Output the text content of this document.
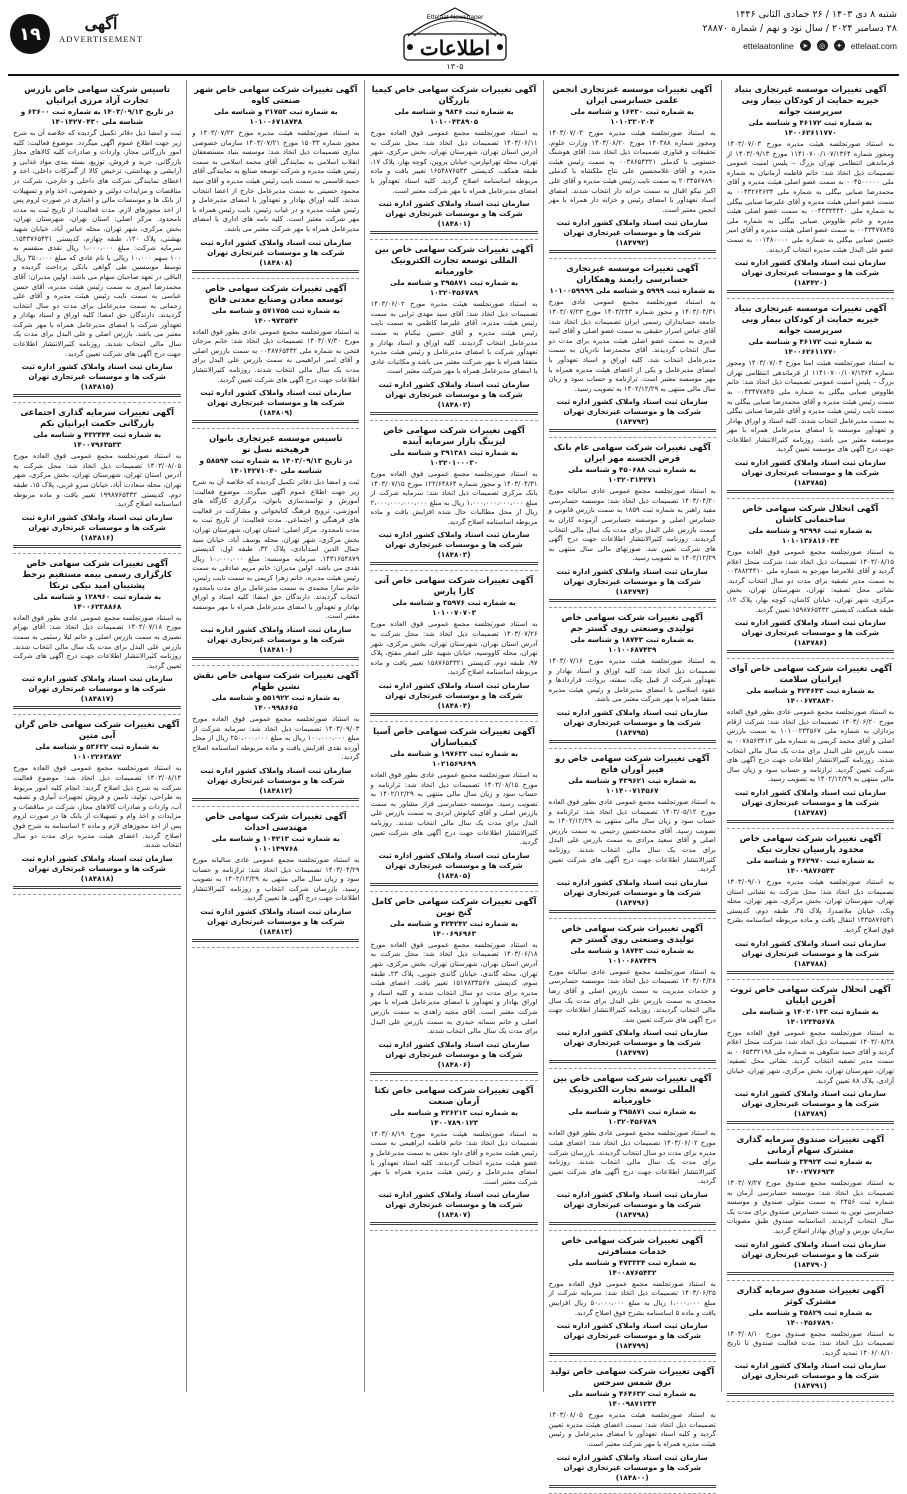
۱۹	آگهی
ADVERTISEMENT
Ettelaat Newspaper
اطلاعات
۱۳۰۵
شنبه ۸ دی ۱۴۰۳ / ۲۶ جمادی الثانی ۱۴۴۶
۲۸ دسامبر ۲۰۲۴ / سال نود و نهم / شماره ۲۸۸۷۰
ettelaatonline	➤	◎	✦	ettelaat.com
آگهی تغییرات موسسه غیرتجاری بنیاد خیریه حمایت از کودکان بیمار وبی سرپرست جوانه
به شماره ثبت ۴۶۱۷۲ و شناسه ملی ۱۴۰۰۶۲۶۱۱۷۷۰
به استناد صورتجلسه هیئت مدیره مورخ ۱۴۰۳/۰۷/۰۳ ومجوز شماره ۱۱۴۱۰۷۰۰/۱۰۷/۱۳۶۴ مورخ ۱۴۰۳/۰۹/۱۳ از فرماندهی انتظامی تهران بزرگ – پلیس امنیت عمومی تصمیمات ذیل اتخاذ شد: خانم فاطمه آرمانیان به شماره ملی ۰۰۴۵۰۰۰۰۰ به سمت عضو اصلی هیئت مدیره و آقای محمدرضا صبایی بیگلی به شماره ملی ۰۰۴۳۲۶۴۶۳۴ به سمت عضو اصلی هیئت مدیره و آقای علیرضا صبایی بیگلی به شماره ملی ۰۰۴۳۳۳۴۴۴۰ به سمت عضو اصلی هیئت مدیره و خانم طاووس صبایی بیگلی به شماره ملی ۰۰۴۳۴۷۷۸۴۵ به سمت عضو اصلی هیئت مدیره و آقای امیر حسین صبایی بیگلی به شماره ملی ۰۰۱۴۸۰۰۰۰ به سمت عضو علی البدل هیئت مدیره انتخاب گردیدند.
سازمان ثبت اسناد واملاک کشور اداره ثبت شرکت ها و موسسات غیرتجاری تهران
(۱۸۴۴۲۰)
آگهی تغییرات موسسه غیرتجاری بنیاد خیریه حمایت از کودکان بیمار وبی سرپرست جوانه
به شماره ثبت ۴۶۱۷۲ و شناسه ملی ۱۴۰۰۶۲۶۱۱۷۷۰
به استناد صورتجلسه هیئت امنا مورخ ۱۴۰۳/۰۷/۰۳ ومجوز شماره ۱۱۴۱۰۷۰۰/۱۰۷/۱۳۶۴ از فرماندهی انتظامی تهران بزرگ – پلیس امنیت عمومی تصمیمات ذیل اتخاذ شد: خانم طاووس صبایی بیگلی به شماره ملی ۰۰۴۳۴۷۷۸۴۵ به سمت رئیس هیئت مدیره و آقای محمدرضا صبایی بیگلی به سمت نایب رئیس هیئت مدیره و آقای علیرضا صبایی بیگلی به سمت مدیرعامل انتخاب شدند. کلیه اسناد و اوراق بهادار و تعهدآور موسسه با امضای مدیرعامل همراه با مهر موسسه معتبر می باشد. روزنامه کثیرالانتشار اطلاعات جهت درج آگهی های موسسه تعیین گردید.
سازمان ثبت اسناد واملاک کشور اداره ثبت شرکت ها و موسسات غیرتجاری تهران
(۱۸۴۷۸۵)
آگهی انحلال شرکت سهامی خاص ساختمانی کاشان
به شماره ثبت ۹۳۹۹۶ و شناسه ملی ۱۰۱۰۱۳۶۸۱۶۰۴۳
به استناد صورتجلسه مجمع عمومی فوق العاده مورخ ۱۴۰۳/۰۸/۱۵ تصمیمات ذیل اتخاذ شد: شرکت منحل اعلام گردید و آقای غلامرضا مهرجو به شماره ملی ۰۰۳۸۸۲۴۴۱۰ به سمت مدیر تصفیه برای مدت دو سال انتخاب گردید. نشانی محل تصفیه: تهران، شهرستان تهران، بخش مرکزی، شهر تهران، خیابان کاشان، کوچه بهار، پلاک ۱۲، طبقه همکف، کدپستی ۱۵۹۸۷۶۵۴۳۲ تعیین گردید.
سازمان ثبت اسناد واملاک کشور اداره ثبت شرکت ها و موسسات غیرتجاری تهران
(۱۸۴۷۸۶)
آگهی تغییرات شرکت سهامی خاص آوای ایرانیان سلامت
به شماره ثبت ۴۲۴۶۴۳ و شناسه ملی ۱۴۰۰۶۷۳۸۸۴۰
به استناد صورتجلسه مجمع عمومی عادی بطور فوق العاده مورخ ۱۴۰۳/۰۶/۲۰ تصمیمات ذیل اتخاذ شد: شرکت ارقام پردازان به شماره ملی ۱۰۱۰۰۲۳۴۵۶۷ به سمت بازرس اصلی و آقای محمد کریمی به شماره ملی ۰۰۷۸۵۶۳۴۱۲ به سمت بازرس علی البدل برای مدت یک سال مالی انتخاب شدند. روزنامه کثیرالانتشار اطلاعات جهت درج آگهی های شرکت تعیین گردید. ترازنامه و حساب سود و زیان سال مالی منتهی به ۱۴۰۲/۱۲/۲۹ به تصویب رسید.
سازمان ثبت اسناد واملاک کشور اداره ثبت شرکت ها و موسسات غیرتجاری تهران
(۱۸۴۷۸۷)
آگهی تغییرات شرکت سهامی خاص محدود پارسیان تجارت نیک
به شماره ثبت ۴۶۲۹۷۰ و شناسه ملی ۱۴۰۰۹۸۷۶۵۴۳
به استناد صورتجلسه هیئت مدیره مورخ ۱۴۰۳/۰۹/۰۱ تصمیمات ذیل اتخاذ شد: محل شرکت به نشانی استان تهران، شهرستان تهران، بخش مرکزی، شهر تهران، محله ونک، خیابان ملاصدرا، پلاک ۴۵، طبقه دوم، کدپستی ۱۴۳۵۸۷۶۵۴۱ انتقال یافت و ماده مربوطه اساسنامه بشرح فوق اصلاح گردید.
سازمان ثبت اسناد واملاک کشور اداره ثبت شرکت ها و موسسات غیرتجاری تهران
(۱۸۴۷۸۸)
آگهی انحلال شرکت سهامی خاص ثروت آفرین ایلیان
به شماره ثبت ۱۴۰۲۰۱۴۳ و شناسه ملی ۱۴۰۱۲۳۴۵۶۷۸
به استناد صورتجلسه مجمع عمومی فوق العاده مورخ ۱۴۰۳/۰۸/۲۸ تصمیمات ذیل اتخاذ شد: شرکت منحل اعلام گردید و آقای حمید شکوهی به شماره ملی ۰۰۶۵۴۳۲۱۹۸ به سمت مدیر تصفیه انتخاب گردید. نشانی محل تصفیه: تهران، شهرستان تهران، بخش مرکزی، شهر تهران، خیابان آزادی، پلاک ۸۸ تعیین گردید.
سازمان ثبت اسناد واملاک کشور اداره ثبت شرکت ها و موسسات غیرتجاری تهران
(۱۸۴۷۸۹)
آگهی تغییرات صندوق سرمایه گذاری مشترک سهام آرمانی
به شماره ثبت ۳۴۹۲۴ و شناسه ملی ۱۴۰۰۲۷۷۶۹۲۴
به استناد صورتجلسه مجمع صندوق مورخ ۱۴۰۳/۰۷/۲۷ تصمیمات ذیل اتخاذ شد: موسسه حسابرسی آرمان به شماره ثبت ۲۴۵۶ به سمت متولی صندوق و موسسه حسابرسی نوین به سمت حسابرس صندوق برای مدت یک سال انتخاب گردیدند. اساسنامه صندوق طبق مصوبات سازمان بورس و اوراق بهادار اصلاح گردید.
سازمان ثبت اسناد واملاک کشور اداره ثبت شرکت ها و موسسات غیرتجاری تهران
(۱۸۴۷۹۰)
آگهی تغییرات صندوق سرمایه گذاری مشترک کوثر
به شماره ثبت ۳۵۸۲۹ و شناسه ملی ۱۴۰۰۴۵۶۷۸۹۰
به استناد صورتجلسه مجمع صندوق مورخ ۱۴۰۳/۰۸/۱۰ تصمیمات ذیل اتخاذ شد: مدت فعالیت صندوق تا تاریخ ۱۴۰۶/۰۸/۱۰ تمدید گردید.
سازمان ثبت اسناد واملاک کشور اداره ثبت شرکت ها و موسسات غیرتجاری تهران
(۱۸۴۷۹۱)
آگهی تغییرات موسسه غیرتجاری انجمن علمی حسابرسی ایران
به شماره ثبت ۱۶۴۳۰ و شناسه ملی ۱۰۱۰۳۳۰۲۰۴
به استناد صورتجلسه هیئت مدیره مورخ ۱۴۰۳/۰۷/۰۳ ومجوز شماره ۱۴۰۳۸۸ مورخ ۱۴۰۳/۰۸/۲۰ وزارت علوم، تحقیقات و فناوری تصمیمات ذیل اتخاذ شد: آقای هوشنگ خستویی با کدملی ۰۰۳۸۶۵۴۳۲۱ به سمت رئیس هیئت مدیره و آقای غلامحسین علی نتاج ملکشاه با کدملی ۲۰۳۴۵۶۷۸۹۰ به سمت نایب رئیس هیئت مدیره و آقای علی اکبر نیکو اقبال به سمت خزانه دار انتخاب شدند. امضای اسناد تعهدآور با امضای رئیس و خزانه دار همراه با مهر انجمن معتبر است.
سازمان ثبت اسناد واملاک کشور اداره ثبت شرکت ها و موسسات غیرتجاری تهران
(۱۸۴۷۹۲)
آگهی تغییرات موسسه غیرتجاری حسابرسی رایمند وهمکاران
به شماره ثبت ۵۹۹۹ و شناسه ملی ۱۰۱۰۰۵۹۹۹۹
به استناد صورتجلسه مجمع عمومی عادی مورخ ۱۴۰۳/۰۴/۳۱ و مجوز شماره ۱۴۰۳/۲۴۳ مورخ ۱۴۰۳/۰۷/۲۳ جامعه حسابداران رسمی ایران تصمیمات ذیل اتخاذ شد: آقای عباس اسرار حقیقی به سمت عضو اصلی و آقای امید قدیری به سمت عضو اصلی هیئت مدیره برای مدت دو سال انتخاب گردیدند. آقای محمدرضا نادریان به سمت مدیرعامل انتخاب شد. کلیه اوراق و اسناد تعهدآور با امضای مدیرعامل و یکی از اعضای هیئت مدیره همراه با مهر موسسه معتبر است. ترازنامه و حساب سود و زیان سال مالی منتهی به ۱۴۰۲/۱۲/۲۹ به تصویب رسید.
سازمان ثبت اسناد واملاک کشور اداره ثبت شرکت ها و موسسات غیرتجاری تهران
(۱۸۴۷۹۳)
آگهی تغییرات شرکت سهامی عام بانک قرض الحسنه مهر ایران
به شماره ثبت ۴۵۰۶۸۸ و شناسه ملی ۱۰۳۲۰۳۱۴۲۷۱
به استناد صورتجلسه مجمع عمومی عادی سالیانه مورخ ۱۴۰۳/۰۴/۲۰ تصمیمات ذیل اتخاذ شد: موسسه حسابرسی مفید راهبر به شماره ثبت ۱۸۵۹ به سمت بازرس قانونی و حسابرس اصلی و موسسه حسابرسی آزموده کاران به سمت بازرس علی البدل برای مدت یک سال مالی انتخاب گردیدند. روزنامه کثیرالانتشار اطلاعات جهت درج آگهی های شرکت تعیین شد. صورتهای مالی سال منتهی به ۱۴۰۲/۱۲/۲۹ به تصویب رسید.
سازمان ثبت اسناد واملاک کشور اداره ثبت شرکت ها و موسسات غیرتجاری تهران
(۱۸۴۷۹۴)
آگهی تغییرات شرکت سهامی خاص تولیدی وصنعتی روی گستر جم
به شماره ثبت ۱۸۷۴۳ و شناسه ملی ۱۰۱۰۰۶۸۷۴۳۹
به استناد صورتجلسه هیئت مدیره مورخ ۱۴۰۳/۰۷/۱۶ تصمیمات ذیل اتخاذ شد: کلیه اوراق و اسناد بهادار و تعهدآور شرکت از قبیل چک، سفته، بروات، قراردادها و عقود اسلامی با امضای مدیرعامل و رئیس هیئت مدیره متفقا همراه با مهر شرکت معتبر می باشد.
سازمان ثبت اسناد واملاک کشور اداره ثبت شرکت ها و موسسات غیرتجاری تهران
(۱۸۴۷۹۵)
آگهی تغییرات شرکت سهامی خاص رو فیبر آوران فاتح
به شماره ثبت ۴۳۹۶۲۱ و شناسه ملی ۱۰۱۴۰۰۷۱۴۵۶۷
به استناد صورتجلسه مجمع عمومی عادی بطور فوق العاده مورخ ۱۴۰۳/۰۵/۱۲ تصمیمات ذیل اتخاذ شد: ترازنامه و حساب سود و زیان سال مالی منتهی به ۱۴۰۲/۱۲/۲۹ به تصویب رسید. آقای محمدحسین رحیمی به سمت بازرس اصلی و آقای سعید مرادی به سمت بازرس علی البدل برای مدت یک سال مالی انتخاب شدند. روزنامه کثیرالانتشار اطلاعات جهت درج آگهی های شرکت تعیین گردید.
سازمان ثبت اسناد واملاک کشور اداره ثبت شرکت ها و موسسات غیرتجاری تهران
(۱۸۴۷۹۶)
آگهی تغییرات شرکت سهامی خاص تولیدی وصنعتی روی گستر جم
به شماره ثبت ۱۸۷۴۳ و شناسه ملی ۱۰۱۰۰۶۸۷۴۳۹
به استناد صورتجلسه مجمع عمومی عادی سالیانه مورخ ۱۴۰۳/۰۴/۲۸ تصمیمات ذیل اتخاذ شد: موسسه حسابرسی و خدمات مدیریت به سمت بازرس اصلی و آقای رضا محمدی به سمت بازرس علی البدل برای مدت یک سال مالی انتخاب گردیدند. روزنامه کثیرالانتشار اطلاعات جهت درج آگهی های شرکت تعیین شد.
سازمان ثبت اسناد واملاک کشور اداره ثبت شرکت ها و موسسات غیرتجاری تهران
(۱۸۴۷۹۷)
آگهی تغییرات شرکت سهامی خاص بین المللی توسعه تجارت الکترونیک خاورمیانه
به شماره ثبت ۳۹۵۸۷۱ و شناسه ملی ۱۰۳۲۰۴۵۶۷۸۹
به استناد صورتجلسه مجمع عمومی عادی بطور فوق العاده مورخ ۱۴۰۳/۰۶/۰۲ تصمیمات ذیل اتخاذ شد: اعضای هیئت مدیره برای مدت دو سال انتخاب گردیدند. بازرسان شرکت برای مدت یک سال مالی انتخاب شدند. روزنامه کثیرالانتشار اطلاعات جهت درج آگهی های شرکت تعیین گردید.
سازمان ثبت اسناد واملاک کشور اداره ثبت شرکت ها و موسسات غیرتجاری تهران
(۱۸۴۷۹۸)
آگهی تغییرات شرکت سهامی خاص خدمات مسافرتی
به شماره ثبت ۴۷۳۳۳۴ و شناسه ملی ۱۴۰۰۸۷۶۵۴۳۲
به استناد صورتجلسه مجمع عمومی فوق العاده مورخ ۱۴۰۳/۰۶/۲۵ تصمیمات ذیل اتخاذ شد: سرمایه شرکت از مبلغ ۱،۰۰۰،۰۰۰ ریال به مبلغ ۵۰،۰۰۰،۰۰۰ ریال افزایش یافت و ماده ۵ اساسنامه بشرح فوق اصلاح گردید.
سازمان ثبت اسناد واملاک کشور اداره ثبت شرکت ها و موسسات غیرتجاری تهران
(۱۸۴۷۹۹)
آگهی تغییرات شرکت سهامی خاص تولید برق شمس سرخس
به شماره ثبت ۴۶۴۶۳۲ و شناسه ملی ۱۴۰۰۹۸۷۱۲۳۴
به استناد صورتجلسه هیئت مدیره مورخ ۱۴۰۳/۰۸/۰۵ تصمیمات ذیل اتخاذ شد: سمت اعضای هیئت مدیره تعیین گردید و کلیه اسناد تعهدآور با امضای مدیرعامل و رئیس هیئت مدیره همراه با مهر شرکت معتبر است.
سازمان ثبت اسناد واملاک کشور اداره ثبت شرکت ها و موسسات غیرتجاری تهران
(۱۸۴۸۰۰)
آگهی تغییرات شرکت سهامی خاص کیمیا بازرگان
به شماره ثبت ۹۸۳۶ و شناسه ملی ۱۰۱۰۰۴۳۸۹۰۵
به استناد صورتجلسه مجمع عمومی فوق العاده مورخ ۱۴۰۳/۰۶/۱۱ تصمیمات ذیل اتخاذ شد: محل شرکت به آدرس استان تهران، شهرستان تهران، بخش مرکزی، شهر تهران، محله تهرانپارس، خیابان پروین، کوچه بهار، پلاک ۱۷، طبقه همکف، کدپستی ۱۶۵۴۸۷۶۵۴۳ تغییر یافت و ماده مربوطه اساسنامه اصلاح گردید. کلیه اسناد تعهدآور با امضای مدیرعامل همراه با مهر شرکت معتبر است.
سازمان ثبت اسناد واملاک کشور اداره ثبت شرکت ها و موسسات غیرتجاری تهران
(۱۸۴۸۰۱)
آگهی تغییرات شرکت سهامی خاص بین المللی توسعه تجارت الکترونیک خاورمیانه
به شماره ثبت ۳۹۵۸۷۱ و شناسه ملی ۱۰۳۲۰۴۵۶۷۸۹
به استناد صورتجلسه هیئت مدیره مورخ ۱۴۰۳/۰۶/۰۲ تصمیمات ذیل اتخاذ شد: آقای سید مهدی ترابی به سمت رئیس هیئت مدیره، آقای علیرضا کاظمی به سمت نایب رئیس هیئت مدیره و آقای حسین نیکنام به سمت مدیرعامل انتخاب گردیدند. کلیه اوراق و اسناد بهادار و تعهدآور شرکت با امضای مدیرعامل و رئیس هیئت مدیره متفقا همراه با مهر شرکت معتبر می باشد و مکاتبات عادی با امضای مدیرعامل همراه با مهر شرکت معتبر است.
سازمان ثبت اسناد واملاک کشور اداره ثبت شرکت ها و موسسات غیرتجاری تهران
(۱۸۴۸۰۲)
آگهی تغییرات شرکت سهامی خاص لیزینگ بازار سرمایه آینده
به شماره ثبت ۳۹۱۳۸۱ و شناسه ملی ۱۰۳۲۰۱۰۰۰۳۰
به استناد صورتجلسه مجمع عمومی فوق العاده مورخ ۱۴۰۳/۰۴/۳۱ و مجوز شماره ۱۲۲/۶۴۸۶۴ مورخ ۱۴۰۳/۰۷/۱۵ بانک مرکزی تصمیمات ذیل اتخاذ شد: سرمایه شرکت از مبلغ ۱،۰۰۰،۰۰۰،۰۰۰،۰۰۰ ریال به مبلغ ۲،۰۰۰،۰۰۰،۰۰۰،۰۰۰ ریال از محل مطالبات حال شده افزایش یافت و ماده مربوطه اساسنامه اصلاح گردید.
سازمان ثبت اسناد واملاک کشور اداره ثبت شرکت ها و موسسات غیرتجاری تهران
(۱۸۴۸۰۳)
آگهی تغییرات شرکت سهامی خاص آنی کارا پارس
به شماره ثبت ۳۵۹۷۶ و شناسه ملی ۱۰۱۰۰۷۰۷۰۳
به استناد صورتجلسه مجمع عمومی فوق العاده مورخ ۱۴۰۳/۰۷/۲۶ تصمیمات ذیل اتخاذ شد: محل شرکت به آدرس استان تهران، شهرستان تهران، بخش مرکزی، شهر تهران، محله کاووسیه، خیابان شهید علی اصغر مفتح، پلاک ۹۷، طبقه دوم، کدپستی ۱۵۸۷۶۵۴۳۲۱ تغییر یافت و ماده مربوطه اساسنامه اصلاح گردید.
سازمان ثبت اسناد واملاک کشور اداره ثبت شرکت ها و موسسات غیرتجاری تهران
(۱۸۴۸۰۴)
آگهی تغییرات شرکت سهامی خاص آسیا کیمیاسازان
به شماره ثبت ۱۹۷۶۳۲ و شناسه ملی ۱۰۲۱۵۶۹۶۹۹
به استناد صورتجلسه مجمع عمومی عادی بطور فوق العاده مورخ ۱۴۰۳/۰۸/۱۵ تصمیمات ذیل اتخاذ شد: ترازنامه و حساب سود و زیان سال مالی منتهی به ۱۴۰۲/۱۲/۲۹ به تصویب رسید. موسسه حسابرسی فراز مشاور به سمت بازرس اصلی و آقای کیانوش ایزدی به سمت بازرس علی البدل برای مدت یک سال مالی انتخاب شدند. روزنامه کثیرالانتشار اطلاعات جهت درج آگهی های شرکت تعیین گردید.
سازمان ثبت اسناد واملاک کشور اداره ثبت شرکت ها و موسسات غیرتجاری تهران
(۱۸۴۸۰۵)
آگهی تغییرات شرکت سهامی خاص کامل گنج نوین
به شماره ثبت ۴۲۴۲۴۲ و شناسه ملی ۱۴۰۰۶۹۶۹۶۳
به استناد صورتجلسه مجمع عمومی فوق العاده مورخ ۱۴۰۳/۰۶/۱۸ تصمیمات ذیل اتخاذ شد: محل شرکت به آدرس استان تهران، شهرستان تهران، بخش مرکزی، شهر تهران، محله گاندی، خیابان گاندی جنوبی، پلاک ۲۳، طبقه سوم، کدپستی ۱۵۱۷۸۳۴۵۶۷ تغییر یافت. اعضای هیئت مدیره برای مدت دو سال انتخاب شدند و کلیه اسناد و اوراق بهادار و تعهدآور با امضای مدیرعامل همراه با مهر شرکت معتبر است. آقای مجید زاهدی به سمت بازرس اصلی و خانم سمانه حیدری به سمت بازرس علی البدل برای مدت یک سال مالی انتخاب شدند.
سازمان ثبت اسناد واملاک کشور اداره ثبت شرکت ها و موسسات غیرتجاری تهران
(۱۸۴۸۰۶)
آگهی تغییرات شرکت سهامی خاص تکتا آرمان صنعت
به شماره ثبت ۴۲۶۲۱۳ و شناسه ملی ۱۴۰۰۷۸۹۰۱۲۳
به استناد صورتجلسه هیئت مدیره مورخ ۱۴۰۳/۰۸/۱۹ تصمیمات ذیل اتخاذ شد: خانم فاطمه ابراهیمی به سمت رئیس هیئت مدیره و آقای داود نجفی به سمت مدیرعامل و عضو هیئت مدیره انتخاب گردیدند. کلیه اسناد تعهدآور با امضای مدیرعامل و رئیس هیئت مدیره همراه با مهر شرکت معتبر است.
سازمان ثبت اسناد واملاک کشور اداره ثبت شرکت ها و موسسات غیرتجاری تهران
(۱۸۴۸۰۷)
آگهی تغییرات شرکت سهامی خاص شهر صنعتی کاوه
به شماره ثبت ۲۱۷۵۳ و شناسه ملی ۱۰۱۰۰۶۷۱۸۷۴۸
به استناد صورتجلسه هیئت مدیره مورخ ۱۴۰۳/۰۷/۲۲ و مجوز شماره ۱۵۰۳۳ مورخ ۱۴۰۳/۰۷/۲۱ سازمان خصوصی سازی تصمیمات ذیل اتخاذ شد: موسسه بنیاد مستضعفان انقلاب اسلامی به نمایندگی آقای محمد اسلامی به سمت رئیس هیئت مدیره و شرکت توسعه صنایع به نمایندگی آقای حمید قاسمی به سمت نایب رئیس هیئت مدیره و آقای سید محمود حسینی به سمت مدیرعامل خارج از اعضا انتخاب شدند. کلیه اوراق بهادار و تعهدآور با امضای مدیرعامل و رئیس هیئت مدیره و در غیاب رئیس، نایب رئیس همراه با مهر شرکت معتبر است. کلیه نامه های اداری با امضای مدیرعامل همراه با مهر شرکت معتبر می باشد.
سازمان ثبت اسناد واملاک کشور اداره ثبت شرکت ها و موسسات غیرتجاری تهران
(۱۸۴۸۰۸)
آگهی تغییرات شرکت سهامی خاص توسعه معادن وصنایع معدنی فاتح
به شماره ثبت ۵۷۱۷۵۵ و شناسه ملی ۱۴۰۰۹۷۳۵۴۲
به استناد صورتجلسه مجمع عمومی عادی بطور فوق العاده مورخ ۱۴۰۳/۰۷/۳۰ تصمیمات ذیل اتخاذ شد: خانم مرجان فتحی به شماره ملی ۰۰۴۸۷۶۵۴۳۲ به سمت بازرس اصلی و آقای امیر ابراهیمی به سمت بازرس علی البدل برای مدت یک سال مالی انتخاب شدند. روزنامه کثیرالانتشار اطلاعات جهت درج آگهی های شرکت تعیین گردید.
سازمان ثبت اسناد واملاک کشور اداره ثبت شرکت ها و موسسات غیرتجاری تهران
(۱۸۴۸۰۹)
تاسیس موسسه غیرتجاری بانوان فرهیخته نسل نو
در تاریخ ۱۴۰۳/۰۹/۱۳ به شماره ثبت ۵۸۵۹۴ و شناسه ملی ۱۴۰۱۴۲۷۱۰۴۰
ثبت و امضا ذیل دفاتر تکمیل گردیده که خلاصه آن به شرح زیر جهت اطلاع عموم آگهی میگردد. موضوع فعالیت: آموزش و توانمندسازی بانوان، برگزاری کارگاه های آموزشی، ترویج فرهنگ کتابخوانی و مشارکت در فعالیت های فرهنگی و اجتماعی. مدت فعالیت: از تاریخ ثبت به مدت نامحدود. مرکز اصلی: استان تهران، شهرستان تهران، بخش مرکزی، شهر تهران، محله یوسف آباد، خیابان سید جمال الدین اسدآبادی، پلاک ۳۲، طبقه اول، کدپستی ۱۴۳۱۶۵۴۸۷۹. سرمایه موسسه: مبلغ ۱۰،۰۰۰،۰۰۰ ریال نقدی می باشد. اولین مدیران: خانم مریم صادقی به سمت رئیس هیئت مدیره، خانم زهرا کریمی به سمت نایب رئیس، خانم سارا محمدی به سمت مدیرعامل برای مدت نامحدود انتخاب گردیدند. دارندگان حق امضا: کلیه اسناد و اوراق بهادار و تعهدآور با امضای مدیرعامل همراه با مهر موسسه معتبر است.
سازمان ثبت اسناد واملاک کشور اداره ثبت شرکت ها و موسسات غیرتجاری تهران
(۱۸۴۸۱۰)
آگهی تغییرات شرکت سهامی خاص نقش نشین طهام
به شماره ثبت ۵۵۱۹۲۲ و شناسه ملی ۱۴۰۰۹۹۸۶۶۵
به استناد صورتجلسه مجمع عمومی فوق العاده مورخ ۱۴۰۳/۰۹/۰۳ تصمیمات ذیل اتخاذ شد: سرمایه شرکت از مبلغ ۱۰۰،۰۰۰،۰۰۰ ریال به مبلغ ۲۵۰،۰۰۰،۰۰۰ ریال از محل آورده نقدی افزایش یافت و ماده مربوطه اساسنامه اصلاح گردید.
سازمان ثبت اسناد واملاک کشور اداره ثبت شرکت ها و موسسات غیرتجاری تهران
(۱۸۴۸۱۲)
آگهی تغییرات شرکت سهامی خاص مهندسی احداث
به شماره ثبت ۱۰۴۲۱۳ و شناسه ملی ۱۰۱۰۱۴۹۷۶۸
به استناد صورتجلسه مجمع عمومی عادی سالیانه مورخ ۱۴۰۳/۰۴/۲۹ تصمیمات ذیل اتخاذ شد: ترازنامه و حساب سود و زیان سال مالی منتهی به ۱۴۰۲/۱۲/۲۹ به تصویب رسید. بازرسان شرکت انتخاب و روزنامه کثیرالانتشار اطلاعات جهت درج آگهی ها تعیین گردید.
سازمان ثبت اسناد واملاک کشور اداره ثبت شرکت ها و موسسات غیرتجاری تهران
(۱۸۴۸۱۳)
تاسیس شرکت سهامی خاص بازرس تجارت آزاد مرزی ایرانیان
در تاریخ ۱۴۰۳/۰۹/۱۳ به شماره ثبت ۶۳۶۰۰ و شناسه ملی ۱۴۰۱۴۲۷۰۴۳۰
ثبت و امضا ذیل دفاتر تکمیل گردیده که خلاصه آن به شرح زیر جهت اطلاع عموم آگهی میگردد. موضوع فعالیت: کلیه امور بازرگانی مجاز، واردات و صادرات کلیه کالاهای مجاز بازرگانی، خرید و فروش، توزیع، بسته بندی مواد غذایی و آرایشی و بهداشتی، ترخیص کالا از گمرکات داخلی، اخذ و اعطای نمایندگی شرکت های داخلی و خارجی، شرکت در مناقصات و مزایدات دولتی و خصوصی، اخذ وام و تسهیلات از بانک ها و موسسات مالی و اعتباری در صورت لزوم پس از اخذ مجوزهای لازم. مدت فعالیت: از تاریخ ثبت به مدت نامحدود. مرکز اصلی: استان تهران، شهرستان تهران، بخش مرکزی، شهر تهران، محله عباس آباد، خیابان شهید بهشتی، پلاک ۱۲۰، طبقه چهارم، کدپستی ۱۵۳۳۷۶۵۴۳۱. سرمایه شرکت: مبلغ ۱،۰۰۰،۰۰۰ ریال نقدی منقسم به ۱۰۰ سهم ۱۰،۰۰۰ ریالی با نام عادی که مبلغ ۳۵۰،۰۰۰ ریال توسط موسسین طی گواهی بانکی پرداخت گردیده و الباقی در تعهد صاحبان سهام می باشد. اولین مدیران: آقای محمدرضا امیری به سمت رئیس هیئت مدیره، آقای حسن عباسی به سمت نایب رئیس هیئت مدیره و آقای علی رحمانی به سمت مدیرعامل برای مدت دو سال انتخاب گردیدند. دارندگان حق امضا: کلیه اوراق و اسناد بهادار و تعهدآور شرکت با امضای مدیرعامل همراه با مهر شرکت معتبر می باشد. بازرس اصلی و علی البدل برای مدت یک سال مالی انتخاب شدند. روزنامه کثیرالانتشار اطلاعات جهت درج آگهی های شرکت تعیین گردید.
سازمان ثبت اسناد واملاک کشور اداره ثبت شرکت ها و موسسات غیرتجاری تهران
(۱۸۴۸۱۵)
آگهی تغییرات سرمایه گذاری اجتماعی بازرگانی حکمت ایرانیان بکم
به شماره ثبت ۴۳۲۴۴۴ و شناسه ملی ۱۴۰۰۷۹۶۳۵۳۳
به استناد صورتجلسه مجمع عمومی فوق العاده مورخ ۱۴۰۳/۰۸/۰۵ تصمیمات ذیل اتخاذ شد: محل شرکت به آدرس استان تهران، شهرستان تهران، بخش مرکزی، شهر تهران، محله سعادت آباد، خیابان سرو غربی، پلاک ۱۵، طبقه دوم، کدپستی ۱۹۹۸۷۶۵۴۳۲ تغییر یافت و ماده مربوطه اساسنامه اصلاح گردید.
سازمان ثبت اسناد واملاک کشور اداره ثبت شرکت ها و موسسات غیرتجاری تهران
(۱۸۴۸۱۶)
آگهی تغییرات شرکت سهامی خاص کارگزاری رسمی بیمه مستقیم برخط پشتیبان امید نیکی ترنکا
به شماره ثبت ۱۲۸۹۶۰ و شناسه ملی ۱۴۰۰۶۲۳۸۸۶۸
به استناد صورتجلسه مجمع عمومی عادی بطور فوق العاده مورخ ۱۴۰۳/۰۷/۱۸ تصمیمات ذیل اتخاذ شد: آقای بهرام نصیری به سمت بازرس اصلی و خانم لیلا رستمی به سمت بازرس علی البدل برای مدت یک سال مالی انتخاب شدند. روزنامه کثیرالانتشار اطلاعات جهت درج آگهی های شرکت تعیین گردید.
سازمان ثبت اسناد واملاک کشور اداره ثبت شرکت ها و موسسات غیرتجاری تهران
(۱۸۴۸۱۷)
آگهی تغییرات شرکت سهامی خاص گران آبی متین
به شماره ثبت ۵۳۶۳۲ و شناسه ملی ۱۰۱۰۲۲۶۳۸۷۲
به استناد صورتجلسه مجمع عمومی فوق العاده مورخ ۱۴۰۳/۰۸/۱۴ تصمیمات ذیل اتخاذ شد: موضوع فعالیت شرکت به شرح ذیل اصلاح گردید: انجام کلیه امور مربوط به طراحی، تولید، تامین و فروش تجهیزات آبیاری و تصفیه آب، واردات و صادرات کالاهای مجاز، شرکت در مناقصات و مزایدات و اخذ وام و تسهیلات از بانک ها در صورت لزوم پس از اخذ مجوزهای لازم و ماده ۲ اساسنامه به شرح فوق اصلاح گردید. اعضای هیئت مدیره برای مدت دو سال انتخاب شدند.
سازمان ثبت اسناد واملاک کشور اداره ثبت شرکت ها و موسسات غیرتجاری تهران
(۱۸۴۸۱۸)
